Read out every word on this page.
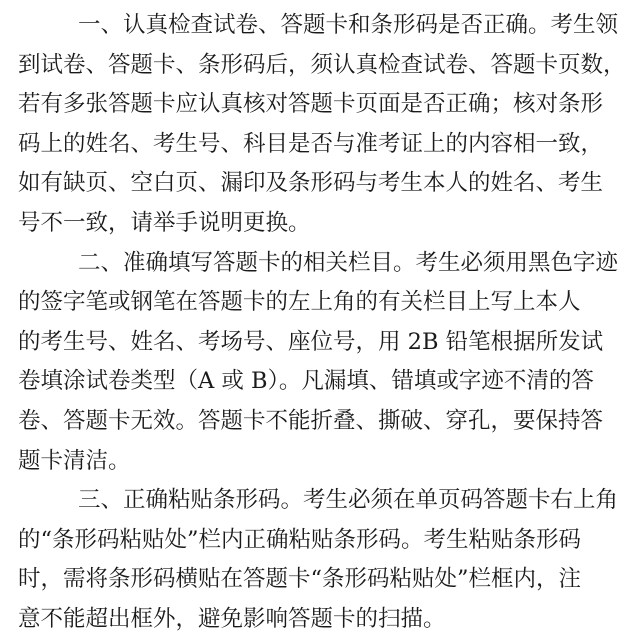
一、认真检查试卷、答题卡和条形码是否正确。考生领
到试卷、答题卡、条形码后，须认真检查试卷、答题卡页数，
若有多张答题卡应认真核对答题卡页面是否正确；核对条形
码上的姓名、考生号、科目是否与准考证上的内容相一致，
如有缺页、空白页、漏印及条形码与考生本人的姓名、考生
号不一致，请举手说明更换。
二、准确填写答题卡的相关栏目。考生必须用黑色字迹
的签字笔或钢笔在答题卡的左上角的有关栏目上写上本人
的考生号、姓名、考场号、座位号，用 2B 铅笔根据所发试
卷填涂试卷类型（A 或 B）。凡漏填、错填或字迹不清的答
卷、答题卡无效。答题卡不能折叠、撕破、穿孔，要保持答
题卡清洁。
三、正确粘贴条形码。考生必须在单页码答题卡右上角
的“条形码粘贴处”栏内正确粘贴条形码。考生粘贴条形码
时，需将条形码横贴在答题卡“条形码粘贴处”栏框内，注
意不能超出框外，避免影响答题卡的扫描。
